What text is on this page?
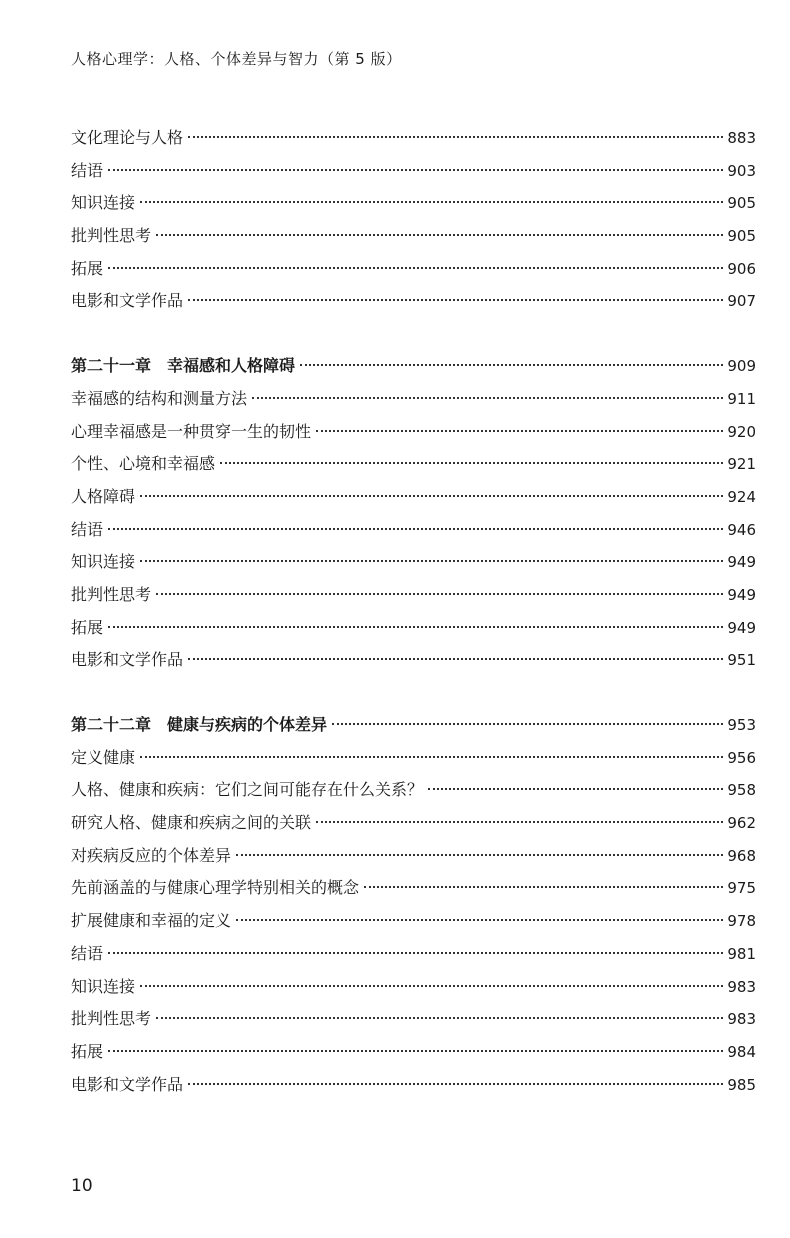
人格心理学：人格、个体差异与智力（第 5 版）
文化理论与人格	883
结语	903
知识连接	905
批判性思考	905
拓展	906
电影和文学作品	907
第二十一章　幸福感和人格障碍	909
幸福感的结构和测量方法	911
心理幸福感是一种贯穿一生的韧性	920
个性、心境和幸福感	921
人格障碍	924
结语	946
知识连接	949
批判性思考	949
拓展	949
电影和文学作品	951
第二十二章　健康与疾病的个体差异	953
定义健康	956
人格、健康和疾病：它们之间可能存在什么关系？	958
研究人格、健康和疾病之间的关联	962
对疾病反应的个体差异	968
先前涵盖的与健康心理学特别相关的概念	975
扩展健康和幸福的定义	978
结语	981
知识连接	983
批判性思考	983
拓展	984
电影和文学作品	985
10
